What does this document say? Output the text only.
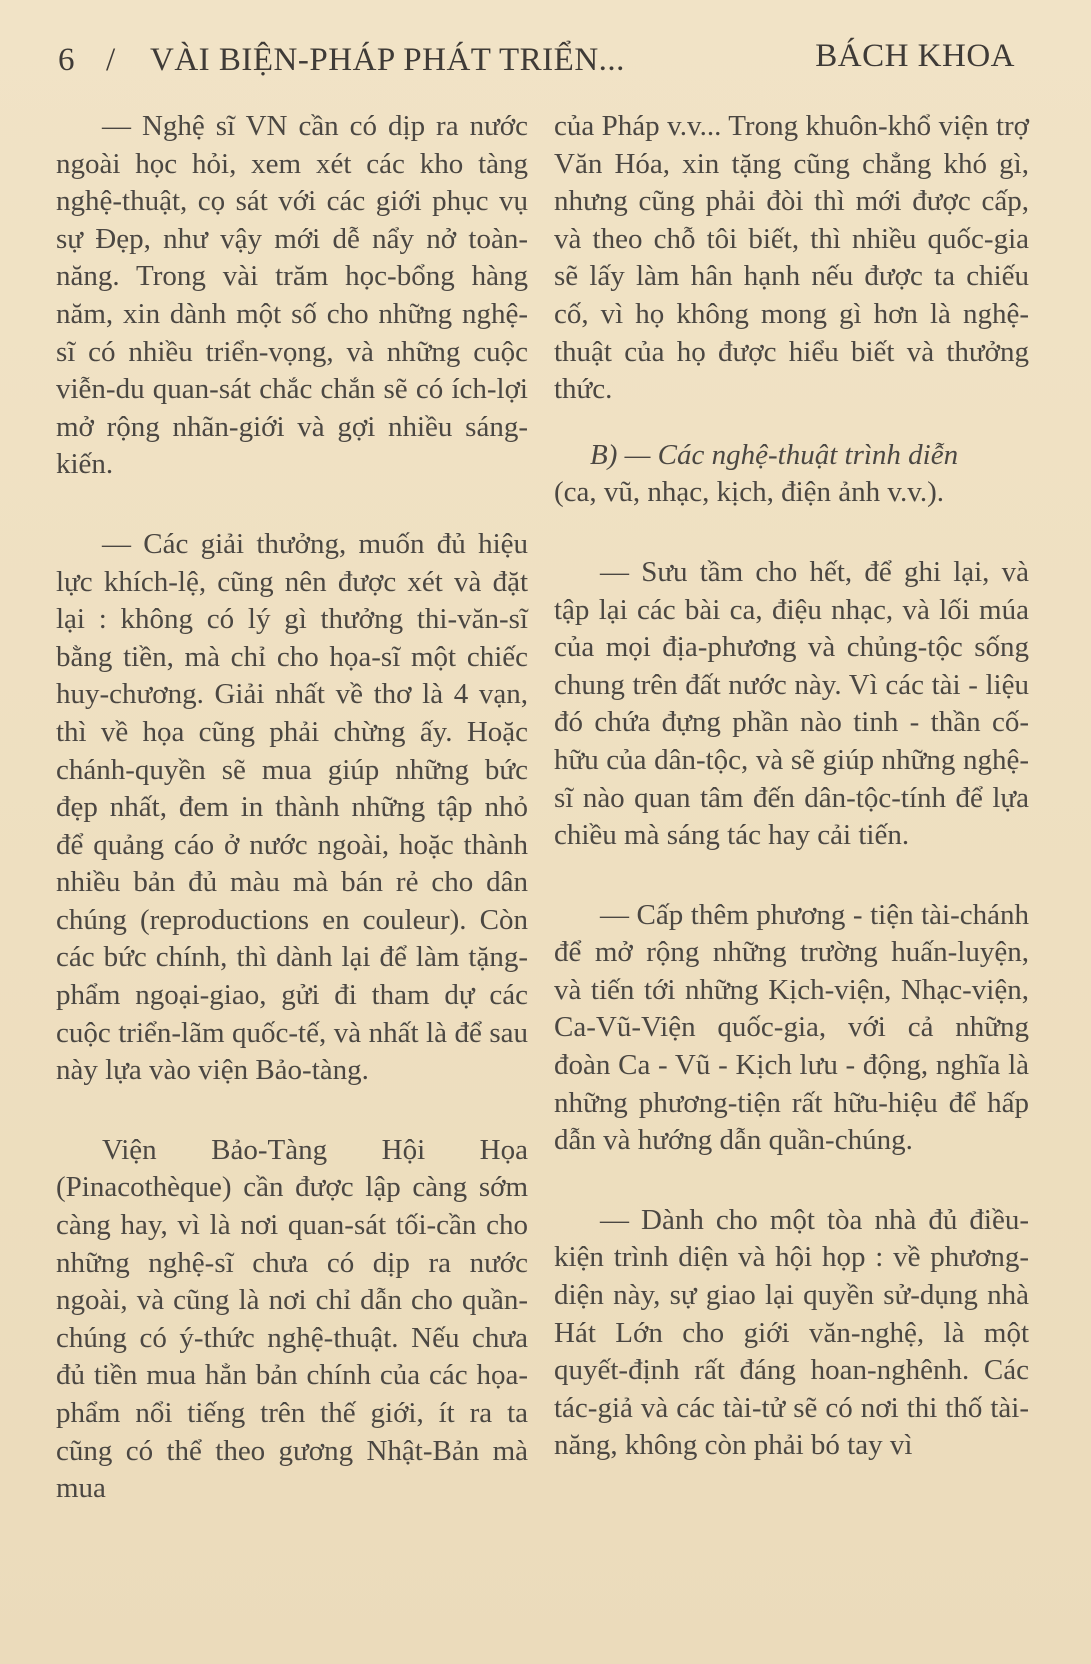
6 / VÀI BIỆN-PHÁP PHÁT TRIỂN...	BÁCH KHOA

— Nghệ sĩ VN cần có dịp ra nước ngoài học hỏi, xem xét các kho tàng nghệ-thuật, cọ sát với các giới phục vụ sự Đẹp, như vậy mới dễ nẩy nở toàn-năng. Trong vài trăm học-bổng hàng năm, xin dành một số cho những nghệ-sĩ có nhiều triển-vọng, và những cuộc viễn-du quan-sát chắc chắn sẽ có ích-lợi mở rộng nhãn-giới và gợi nhiều sáng-kiến.

— Các giải thưởng, muốn đủ hiệu lực khích-lệ, cũng nên được xét và đặt lại : không có lý gì thưởng thi-văn-sĩ bằng tiền, mà chỉ cho họa-sĩ một chiếc huy-chương. Giải nhất về thơ là 4 vạn, thì về họa cũng phải chừng ấy. Hoặc chánh-quyền sẽ mua giúp những bức đẹp nhất, đem in thành những tập nhỏ để quảng cáo ở nước ngoài, hoặc thành nhiều bản đủ màu mà bán rẻ cho dân chúng (reproductions en couleur). Còn các bức chính, thì dành lại để làm tặng-phẩm ngoại-giao, gửi đi tham dự các cuộc triển-lãm quốc-tế, và nhất là để sau này lựa vào viện Bảo-tàng.

Viện Bảo-Tàng Hội Họa (Pinacothèque) cần được lập càng sớm càng hay, vì là nơi quan-sát tối-cần cho những nghệ-sĩ chưa có dịp ra nước ngoài, và cũng là nơi chỉ dẫn cho quần-chúng có ý-thức nghệ-thuật. Nếu chưa đủ tiền mua hẳn bản chính của các họa-phẩm nổi tiếng trên thế giới, ít ra ta cũng có thể theo gương Nhật-Bản mà mua

của Pháp v.v... Trong khuôn-khổ viện trợ Văn Hóa, xin tặng cũng chẳng khó gì, nhưng cũng phải đòi thì mới được cấp, và theo chỗ tôi biết, thì nhiều quốc-gia sẽ lấy làm hân hạnh nếu được ta chiếu cố, vì họ không mong gì hơn là nghệ-thuật của họ được hiểu biết và thưởng thức.

B) — Các nghệ-thuật trình diễn

(ca, vũ, nhạc, kịch, điện ảnh v.v.).

— Sưu tầm cho hết, để ghi lại, và tập lại các bài ca, điệu nhạc, và lối múa của mọi địa-phương và chủng-tộc sống chung trên đất nước này. Vì các tài - liệu đó chứa đựng phần nào tinh - thần cố-hữu của dân-tộc, và sẽ giúp những nghệ-sĩ nào quan tâm đến dân-tộc-tính để lựa chiều mà sáng tác hay cải tiến.

— Cấp thêm phương - tiện tài-chánh để mở rộng những trường huấn-luyện, và tiến tới những Kịch-viện, Nhạc-viện, Ca-Vũ-Viện quốc-gia, với cả những đoàn Ca - Vũ - Kịch lưu - động, nghĩa là những phương-tiện rất hữu-hiệu để hấp dẫn và hướng dẫn quần-chúng.

— Dành cho một tòa nhà đủ điều-kiện trình diện và hội họp : về phương-diện này, sự giao lại quyền sử-dụng nhà Hát Lớn cho giới văn-nghệ, là một quyết-định rất đáng hoan-nghênh. Các tác-giả và các tài-tử sẽ có nơi thi thố tài-năng, không còn phải bó tay vì
